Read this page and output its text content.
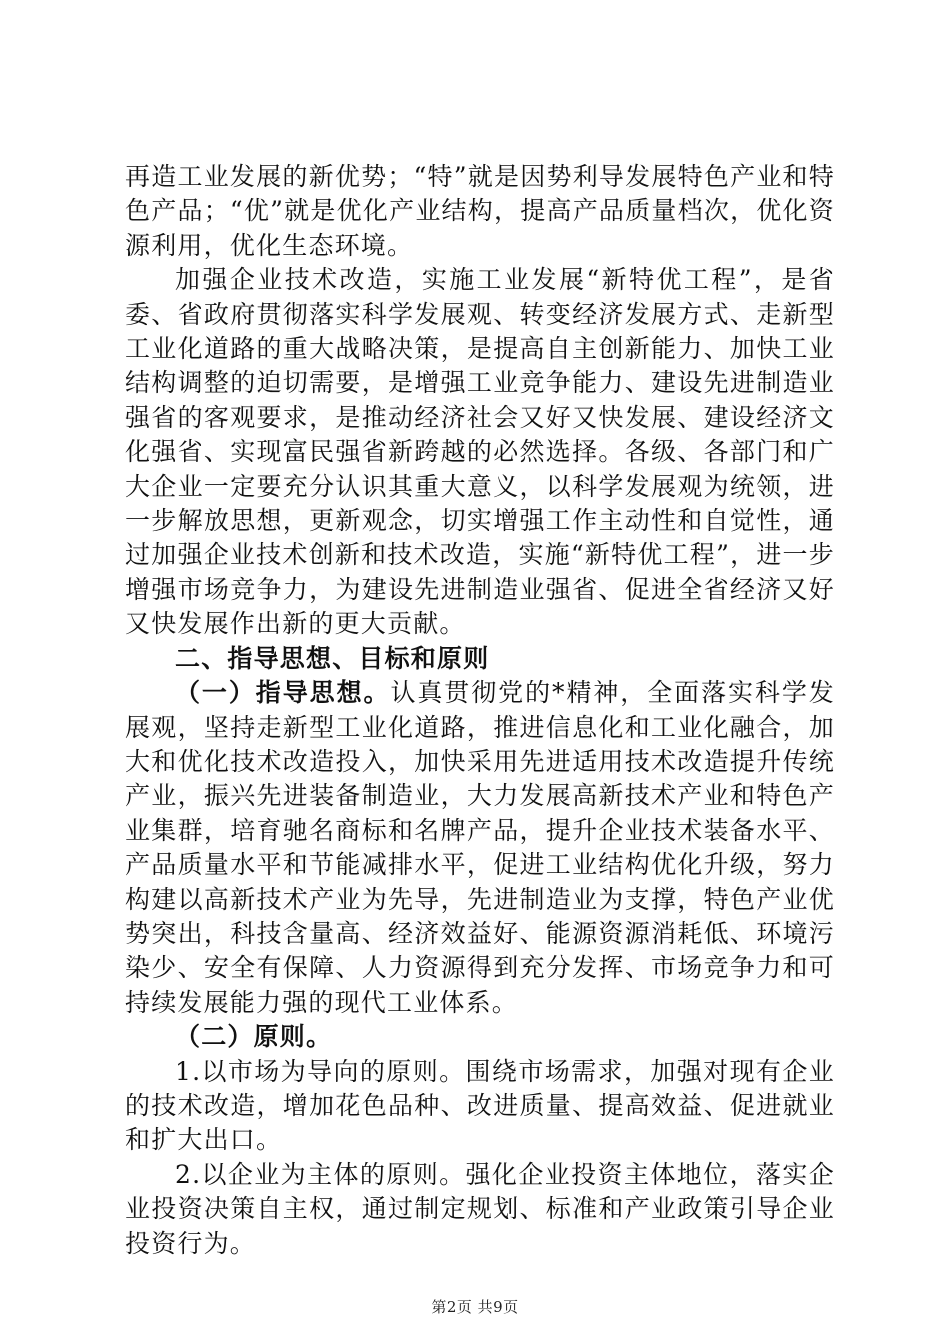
再造工业发展的新优势；“特”就是因势利导发展特色产业和特色产品；“优”就是优化产业结构，提高产品质量档次，优化资源利用，优化生态环境。

加强企业技术改造，实施工业发展“新特优工程”，是省委、省政府贯彻落实科学发展观、转变经济发展方式、走新型工业化道路的重大战略决策，是提高自主创新能力、加快工业结构调整的迫切需要，是增强工业竞争能力、建设先进制造业强省的客观要求，是推动经济社会又好又快发展、建设经济文化强省、实现富民强省新跨越的必然选择。各级、各部门和广大企业一定要充分认识其重大意义，以科学发展观为统领，进一步解放思想，更新观念，切实增强工作主动性和自觉性，通过加强企业技术创新和技术改造，实施“新特优工程”，进一步增强市场竞争力，为建设先进制造业强省、促进全省经济又好又快发展作出新的更大贡献。

二、指导思想、目标和原则

（一）指导思想。认真贯彻党的*精神，全面落实科学发展观，坚持走新型工业化道路，推进信息化和工业化融合，加大和优化技术改造投入，加快采用先进适用技术改造提升传统产业，振兴先进装备制造业，大力发展高新技术产业和特色产业集群，培育驰名商标和名牌产品，提升企业技术装备水平、产品质量水平和节能减排水平，促进工业结构优化升级，努力构建以高新技术产业为先导，先进制造业为支撑，特色产业优势突出，科技含量高、经济效益好、能源资源消耗低、环境污染少、安全有保障、人力资源得到充分发挥、市场竞争力和可持续发展能力强的现代工业体系。

（二）原则。

1.以市场为导向的原则。围绕市场需求，加强对现有企业的技术改造，增加花色品种、改进质量、提高效益、促进就业和扩大出口。

2.以企业为主体的原则。强化企业投资主体地位，落实企业投资决策自主权，通过制定规划、标准和产业政策引导企业投资行为。

第2页 共9页
